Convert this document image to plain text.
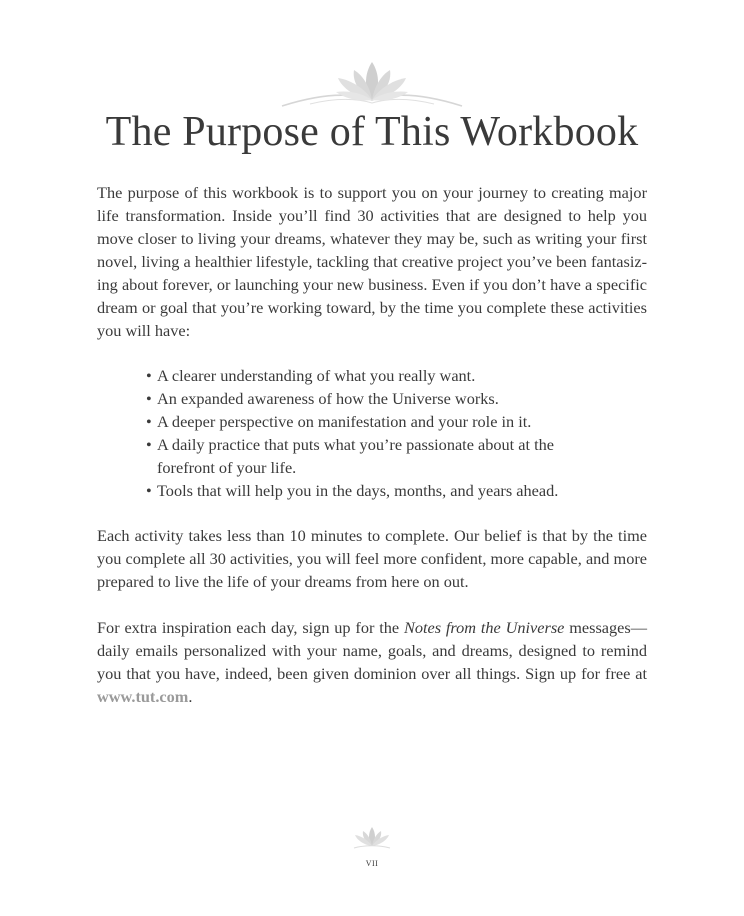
The Purpose of This Workbook

The purpose of this workbook is to support you on your journey to creating major life transformation. Inside you’ll find 30 activities that are designed to help you move closer to living your dreams, whatever they may be, such as writing your first novel, living a healthier lifestyle, tackling that creative project you’ve been fantasizing about forever, or launching your new business. Even if you don’t have a specific dream or goal that you’re working toward, by the time you complete these activities you will have:

• A clearer understanding of what you really want.
• An expanded awareness of how the Universe works.
• A deeper perspective on manifestation and your role in it.
• A daily practice that puts what you’re passionate about at the forefront of your life.
• Tools that will help you in the days, months, and years ahead.

Each activity takes less than 10 minutes to complete. Our belief is that by the time you complete all 30 activities, you will feel more confident, more capable, and more prepared to live the life of your dreams from here on out.

For extra inspiration each day, sign up for the Notes from the Universe messages—daily emails personalized with your name, goals, and dreams, designed to remind you that you have, indeed, been given dominion over all things. Sign up for free at www.tut.com.

vii
